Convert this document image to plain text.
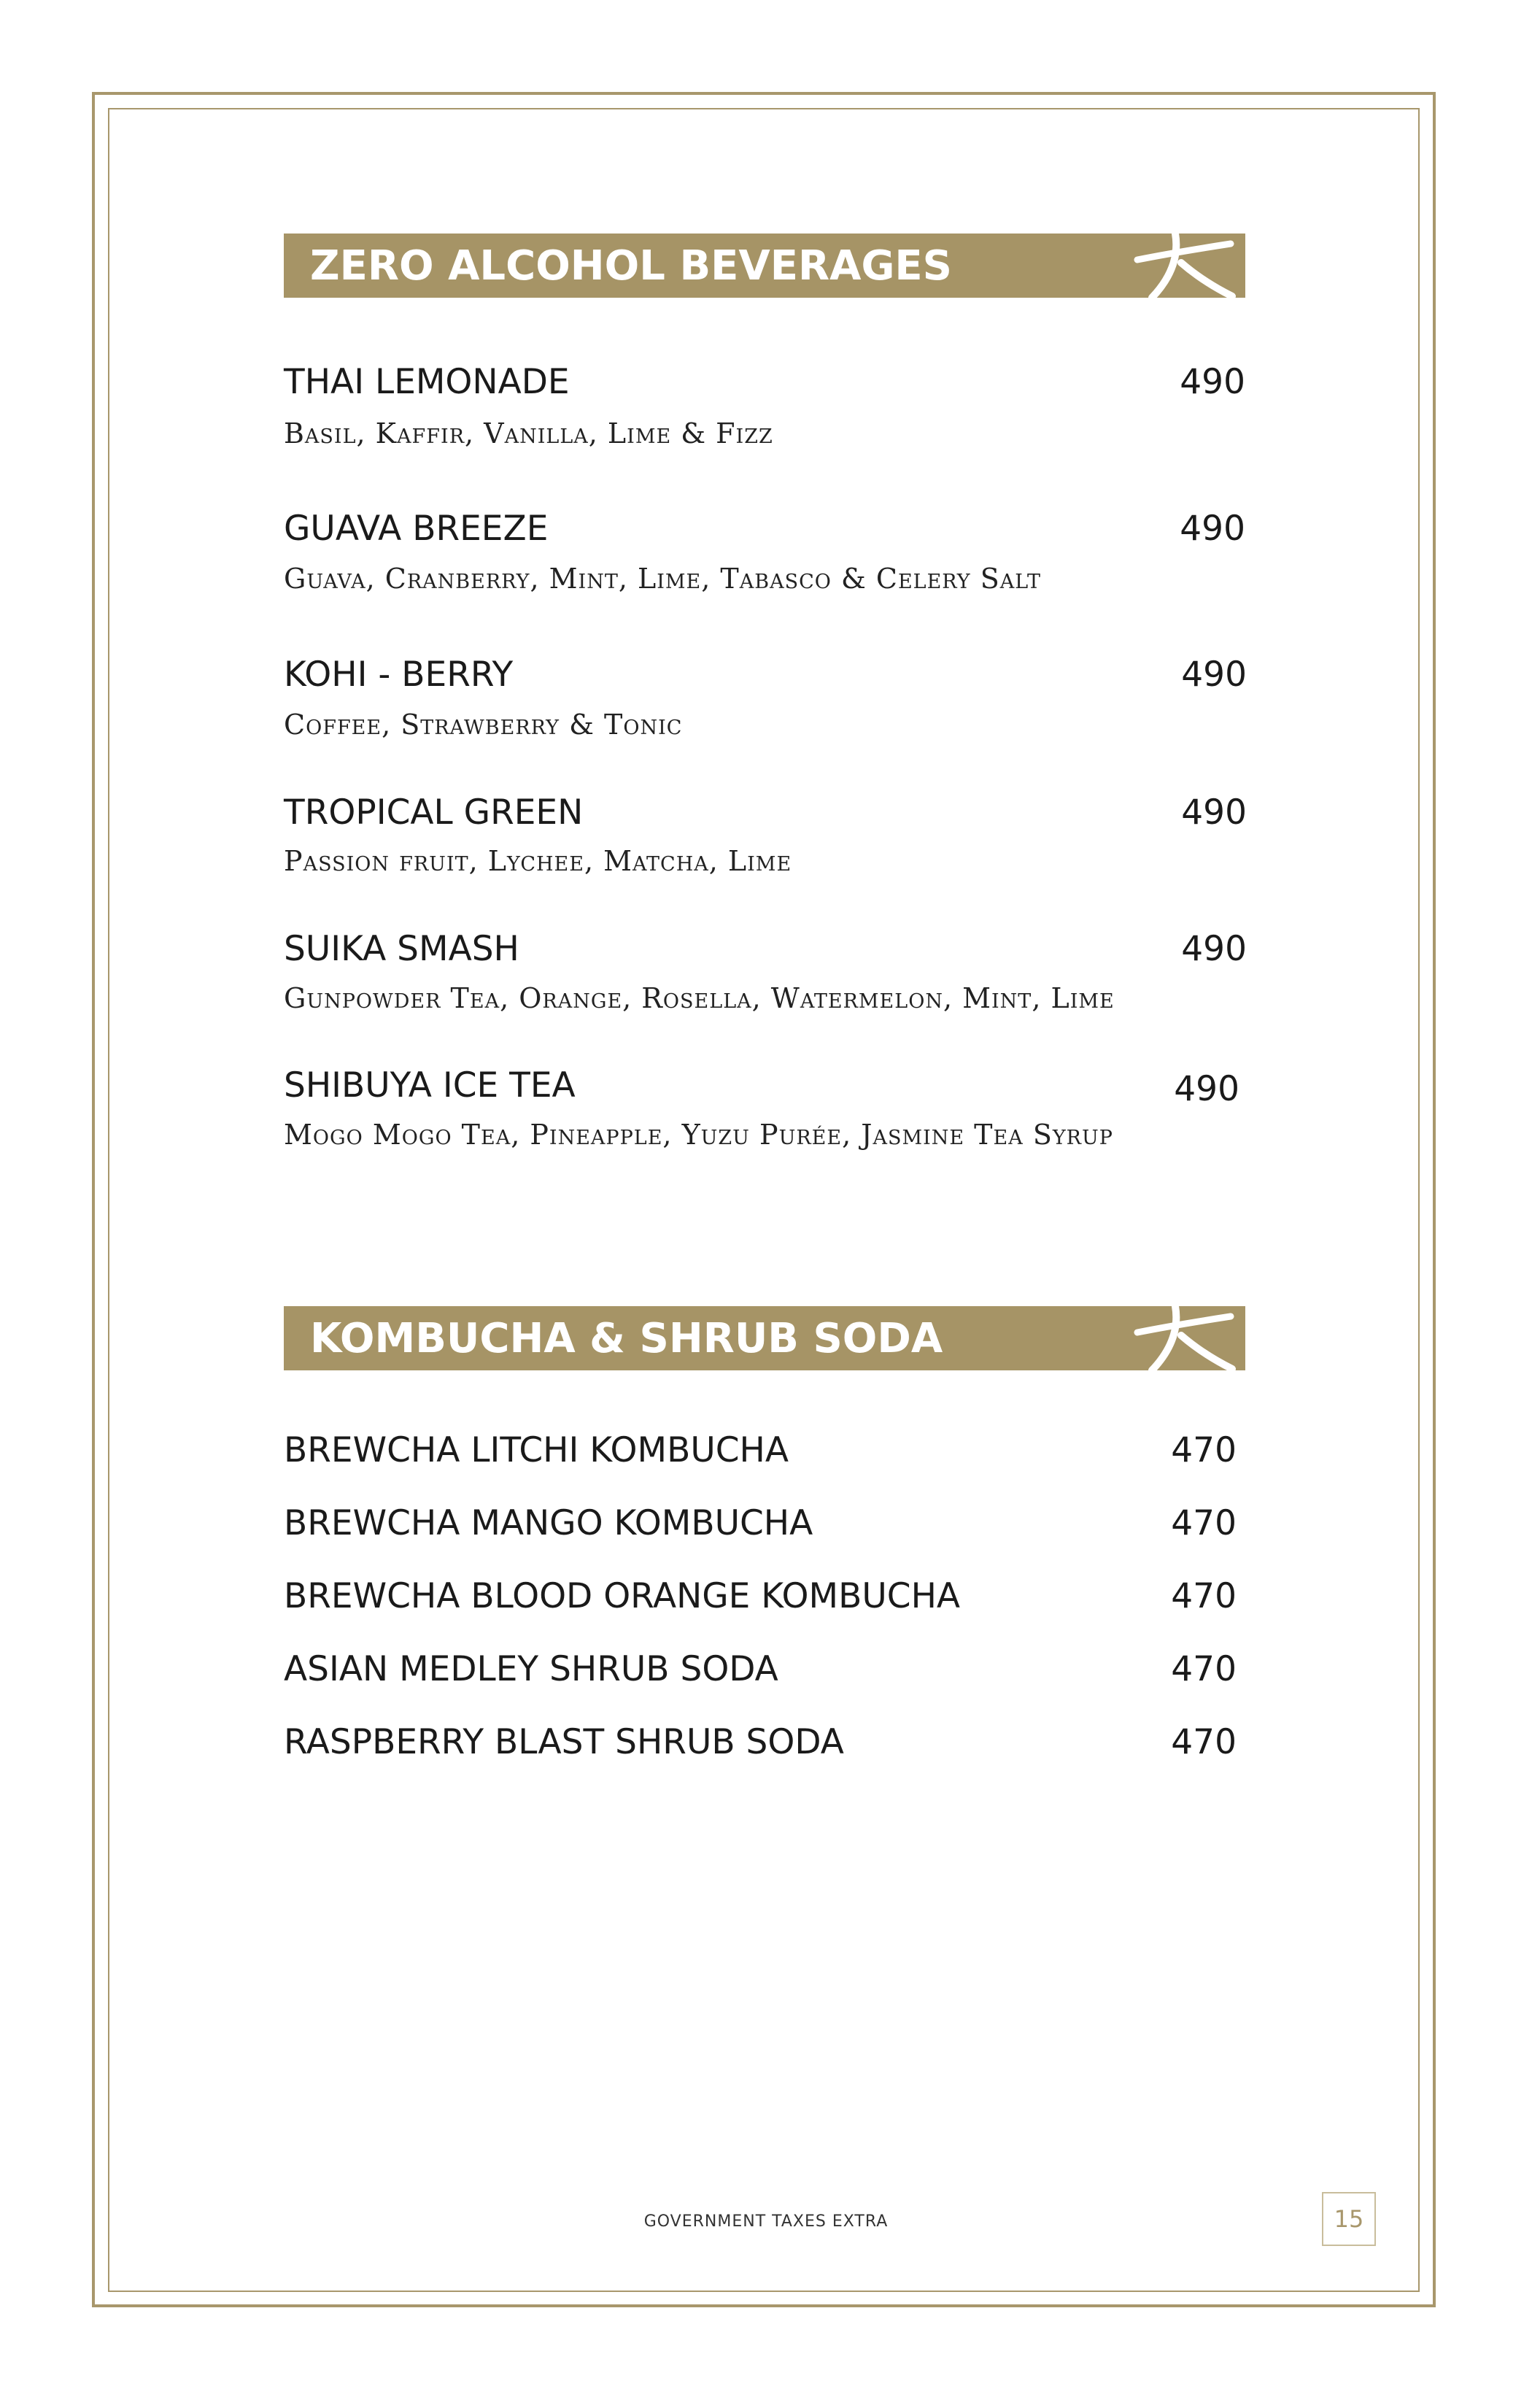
ZERO ALCOHOL BEVERAGES
THAI LEMONADE	490
Basil, Kaffir, Vanilla, Lime & Fizz
GUAVA BREEZE	490
Guava, Cranberry, Mint, Lime, Tabasco & Celery Salt
KOHI - BERRY	490
Coffee, Strawberry & Tonic
TROPICAL GREEN	490
Passion fruit, Lychee, Matcha, Lime
SUIKA SMASH	490
Gunpowder Tea, Orange, Rosella, Watermelon, Mint, Lime
SHIBUYA ICE TEA	490
Mogo Mogo Tea, Pineapple, Yuzu Purée, Jasmine Tea Syrup
KOMBUCHA & SHRUB SODA
BREWCHA LITCHI KOMBUCHA	470
BREWCHA MANGO KOMBUCHA	470
BREWCHA BLOOD ORANGE KOMBUCHA	470
ASIAN MEDLEY SHRUB SODA	470
RASPBERRY BLAST SHRUB SODA	470
GOVERNMENT TAXES EXTRA	15
